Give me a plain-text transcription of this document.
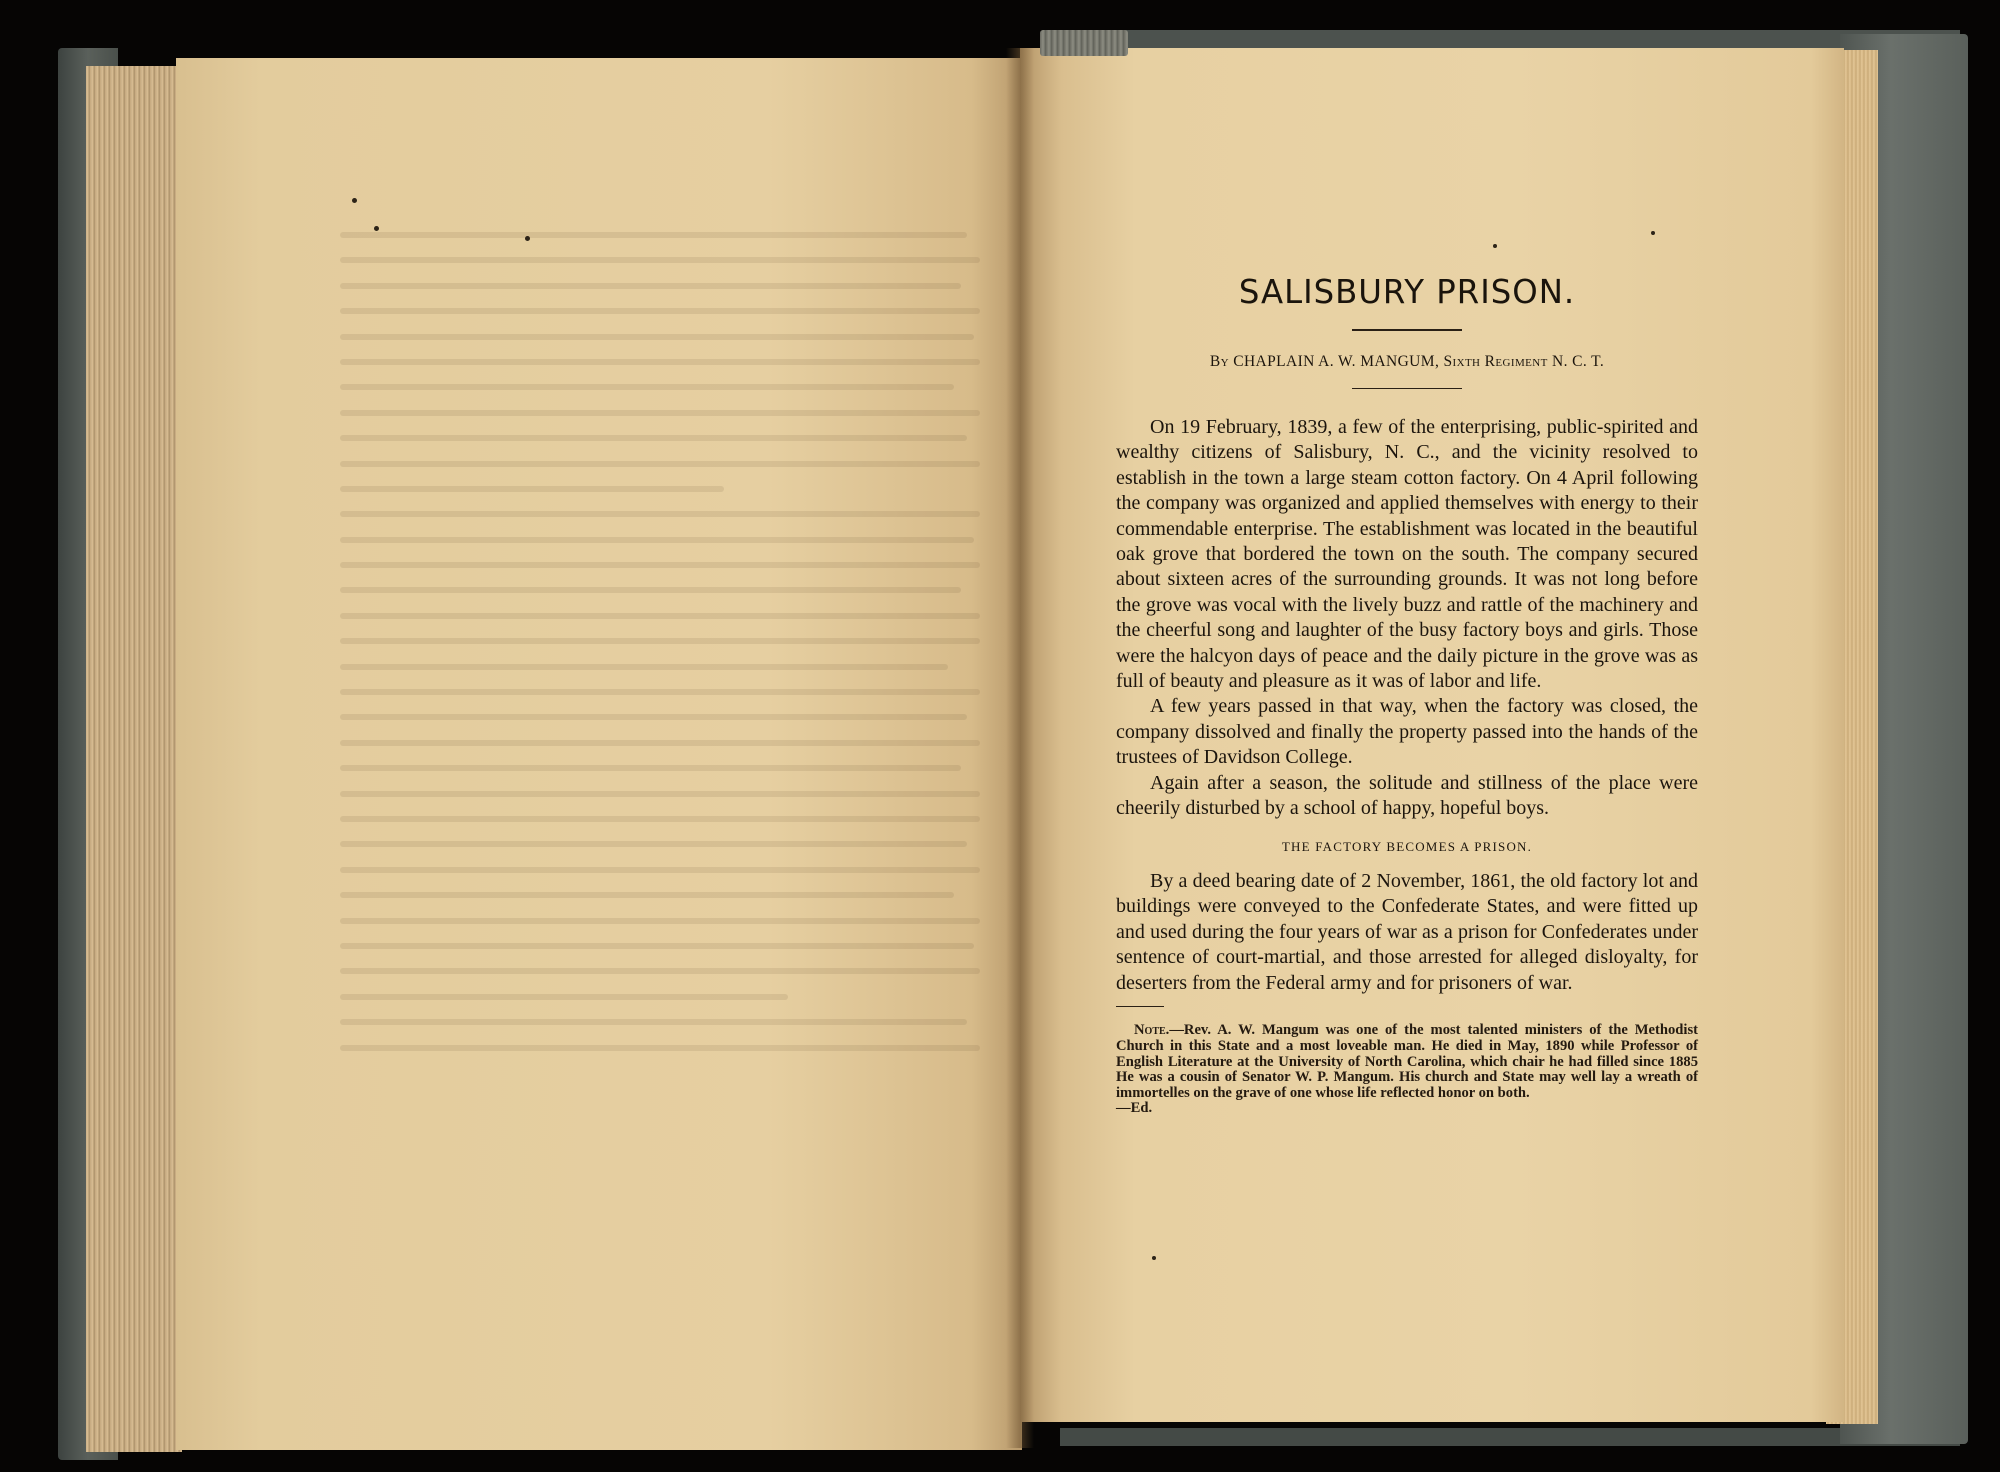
SALISBURY PRISON.
By CHAPLAIN A. W. MANGUM, Sixth Regiment N. C. T.

On 19 February, 1839, a few of the enterprising, public-spirited and wealthy citizens of Salisbury, N. C., and the vicinity resolved to establish in the town a large steam cotton factory. On 4 April following the company was organized and applied themselves with energy to their commendable enterprise. The establishment was located in the beautiful oak grove that bordered the town on the south. The company secured about sixteen acres of the surrounding grounds. It was not long before the grove was vocal with the lively buzz and rattle of the machinery and the cheerful song and laughter of the busy factory boys and girls. Those were the halcyon days of peace and the daily picture in the grove was as full of beauty and pleasure as it was of labor and life.

A few years passed in that way, when the factory was closed, the company dissolved and finally the property passed into the hands of the trustees of Davidson College.

Again after a season, the solitude and stillness of the place were cheerily disturbed by a school of happy, hopeful boys.

THE FACTORY BECOMES A PRISON.

By a deed bearing date of 2 November, 1861, the old factory lot and buildings were conveyed to the Confederate States, and were fitted up and used during the four years of war as a prison for Confederates under sentence of court-martial, and those arrested for alleged disloyalty, for deserters from the Federal army and for prisoners of war.

Note.—Rev. A. W. Mangum was one of the most talented ministers of the Methodist Church in this State and a most loveable man. He died in May, 1890 while Professor of English Literature at the University of North Carolina, which chair he had filled since 1885 He was a cousin of Senator W. P. Mangum. His church and State may well lay a wreath of immortelles on the grave of one whose life reflected honor on both.
—Ed.
